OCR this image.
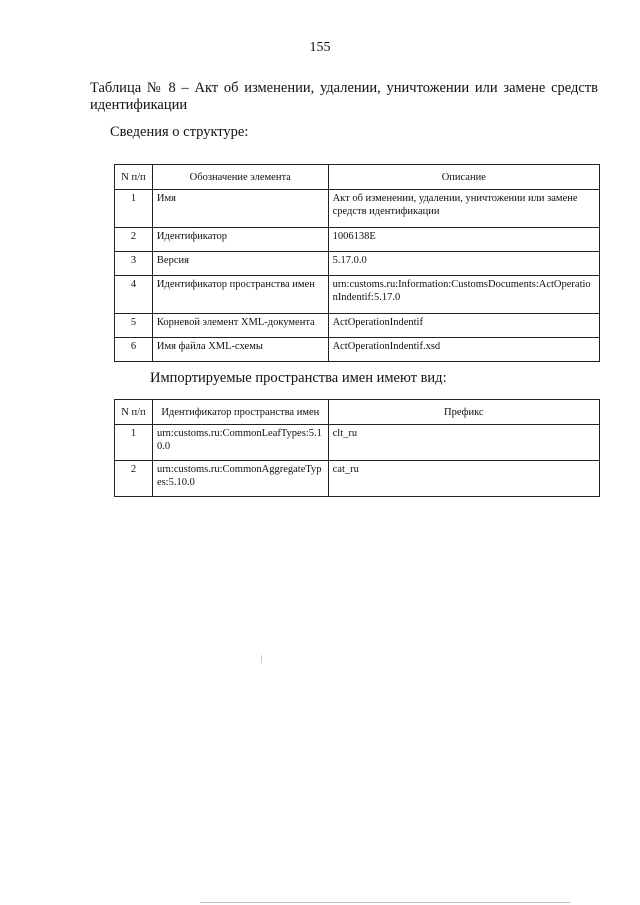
155
Таблица № 8 – Акт об изменении, удалении, уничтожении или замене средств
идентификации
Сведения о структуре:
N п/п	Обозначение элемента	Описание
1	Имя	Акт об изменении, удалении, уничтожении или замене средств идентификации
2	Идентификатор	1006138E
3	Версия	5.17.0.0
4	Идентификатор пространства имен	urn:customs.ru:Information:CustomsDocuments:ActOperationIndentif:5.17.0
5	Корневой элемент XML-документа	ActOperationIndentif
6	Имя файла XML-схемы	ActOperationIndentif.xsd
Импортируемые пространства имен имеют вид:
N п/п	Идентификатор пространства имен	Префикс
1	urn:customs.ru:CommonLeafTypes:5.10.0	clt_ru
2	urn:customs.ru:CommonAggregateTypes:5.10.0	cat_ru
